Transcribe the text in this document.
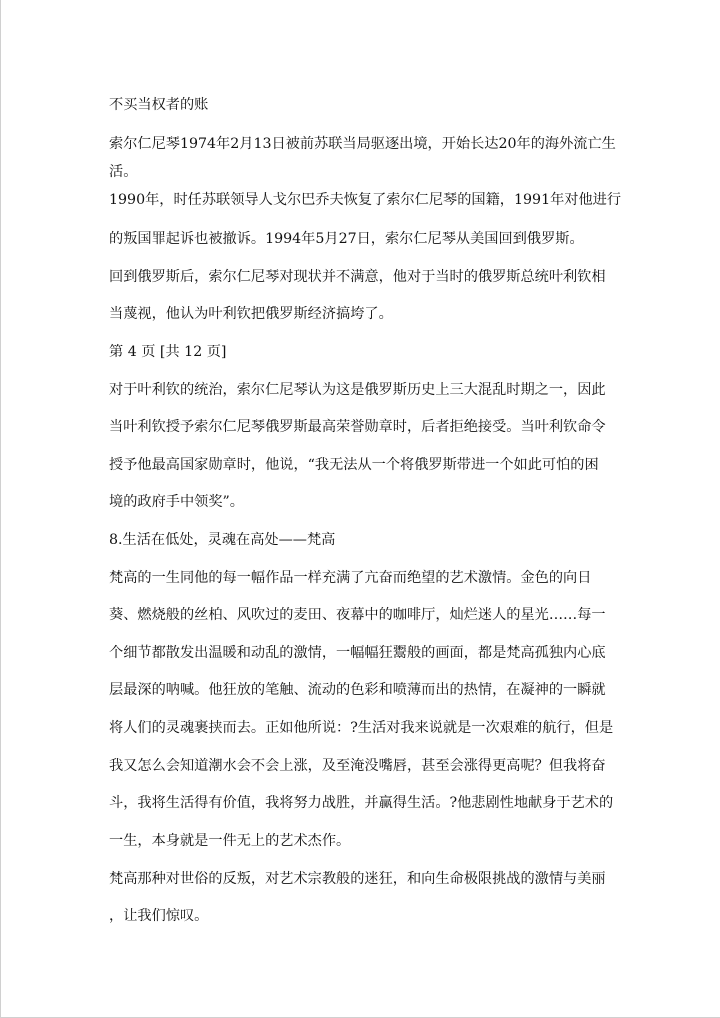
不买当权者的账

索尔仁尼琴1974年2月13日被前苏联当局驱逐出境，开始长达20年的海外流亡生

活。

1990年，时任苏联领导人戈尔巴乔夫恢复了索尔仁尼琴的国籍，1991年对他进行

的叛国罪起诉也被撤诉。1994年5月27日，索尔仁尼琴从美国回到俄罗斯。

回到俄罗斯后，索尔仁尼琴对现状并不满意，他对于当时的俄罗斯总统叶利钦相

当蔑视，他认为叶利钦把俄罗斯经济搞垮了。

第 4 页 [共 12 页]

对于叶利钦的统治，索尔仁尼琴认为这是俄罗斯历史上三大混乱时期之一，因此

当叶利钦授予索尔仁尼琴俄罗斯最高荣誉勋章时，后者拒绝接受。当叶利钦命令

授予他最高国家勋章时，他说，“我无法从一个将俄罗斯带进一个如此可怕的困

境的政府手中领奖”。

8.生活在低处，灵魂在高处——梵高

梵高的一生同他的每一幅作品一样充满了亢奋而绝望的艺术激情。金色的向日

葵、燃烧般的丝柏、风吹过的麦田、夜幕中的咖啡厅，灿烂迷人的星光……每一

个细节都散发出温暖和动乱的激情，一幅幅狂鬻般的画面，都是梵高孤独内心底

层最深的呐喊。他狂放的笔触、流动的色彩和喷薄而出的热情，在凝神的一瞬就

将人们的灵魂裹挟而去。正如他所说：?生活对我来说就是一次艰难的航行，但是

我又怎么会知道潮水会不会上涨，及至淹没嘴唇，甚至会涨得更高呢？但我将奋

斗，我将生活得有价值，我将努力战胜，并赢得生活。?他悲剧性地献身于艺术的

一生，本身就是一件无上的艺术杰作。

梵高那种对世俗的反叛，对艺术宗教般的迷狂，和向生命极限挑战的激情与美丽

，让我们惊叹。
